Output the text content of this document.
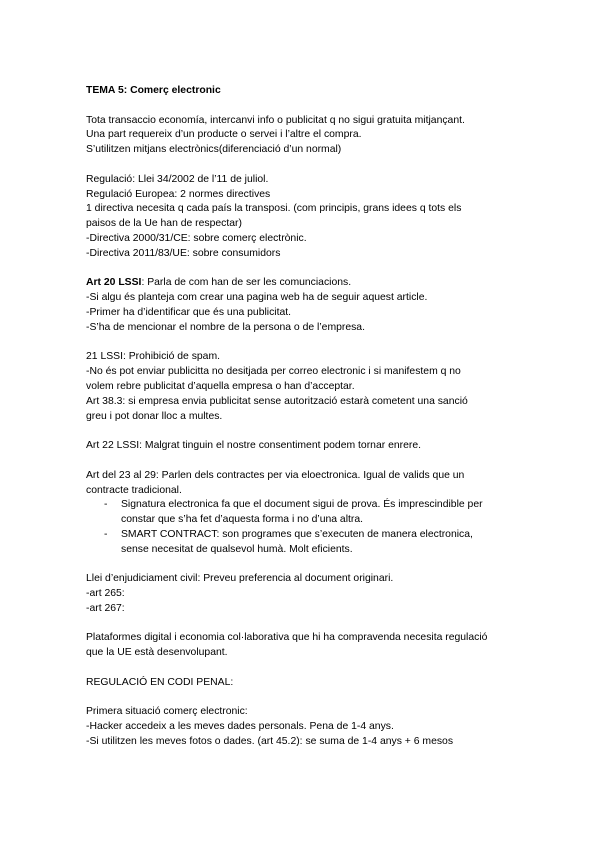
TEMA 5: Comerç electronic

Tota transaccio economía, intercanvi info o publicitat q no sigui gratuita mitjançant.

Una part requereix d’un producte o servei i l’altre el compra.

S’utilitzen mitjans electrònics(diferenciació d’un normal)

Regulació: Llei 34/2002 de l’11 de juliol.

Regulació Europea: 2 normes directives

1 directiva necesita q cada país la transposi. (com principis, grans idees q tots els

paisos de la Ue han de respectar)

-Directiva 2000/31/CE: sobre comerç electrònic.

-Directiva 2011/83/UE: sobre consumidors

Art 20 LSSI: Parla de com han de ser les comunciacions.

-Si algu és planteja com crear una pagina web ha de seguir aquest article.

-Primer ha d’identificar que és una publicitat.

-S’ha de mencionar el nombre de la persona o de l’empresa.

21 LSSI: Prohibició de spam.

-No és pot enviar publicitta no desitjada per correo electronic i si manifestem q no

volem rebre publicitat d’aquella empresa o han d’acceptar.

Art 38.3: si empresa envia publicitat sense autorització estarà cometent una sanció

greu i pot donar lloc a multes.

Art 22 LSSI: Malgrat tinguin el nostre consentiment podem tornar enrere.

Art del 23 al 29: Parlen dels contractes per via eloectronica. Igual de valids que un

contracte tradicional.

- Signatura electronica fa que el document sigui de prova. És imprescindible per

constar que s’ha fet d’aquesta forma i no d’una altra.

- SMART CONTRACT: son programes que s’executen de manera electronica,

sense necesitat de qualsevol humà. Molt eficients.

Llei d’enjudiciament civil: Preveu preferencia al document originari.

-art 265:

-art 267:

Plataformes digital i economia col·laborativa que hi ha compravenda necesita regulació

que la UE està desenvolupant.

REGULACIÓ EN CODI PENAL:

Primera situació comerç electronic:

-Hacker accedeix a les meves dades personals. Pena de 1-4 anys.

-Si utilitzen les meves fotos o dades. (art 45.2): se suma de 1-4 anys + 6 mesos
